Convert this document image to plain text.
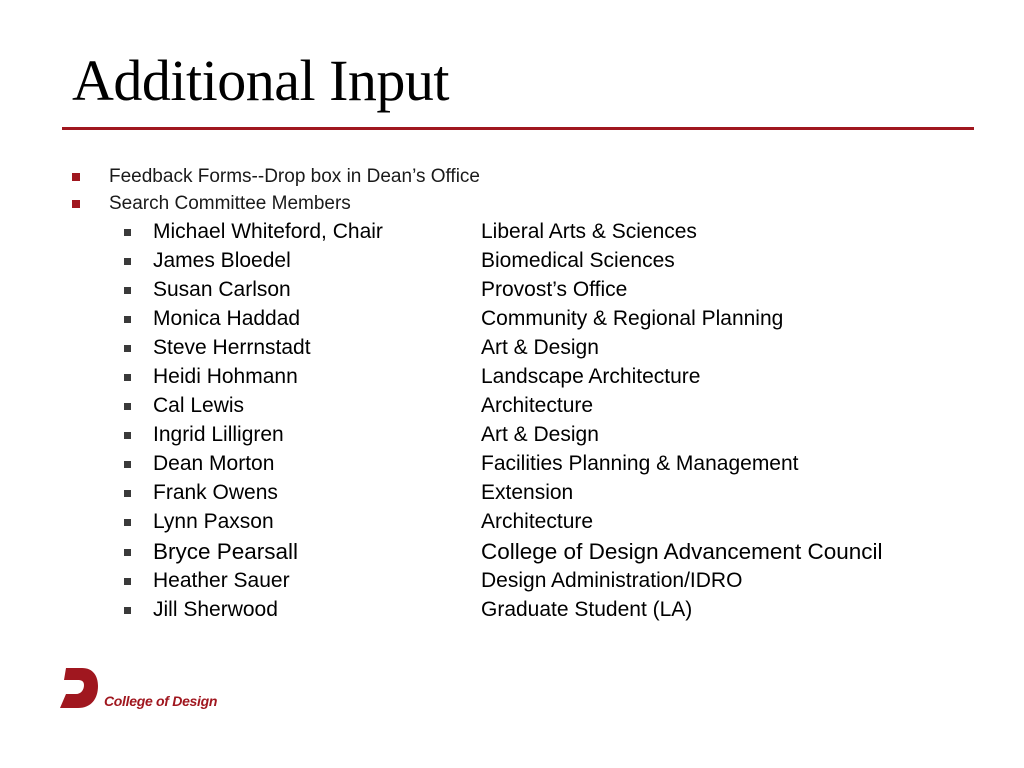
Additional Input
Feedback Forms--Drop box in Dean’s Office
Search Committee Members
Michael Whiteford, Chair	Liberal Arts & Sciences
James Bloedel	Biomedical Sciences
Susan Carlson	Provost’s Office
Monica Haddad	Community & Regional Planning
Steve Herrnstadt	Art & Design
Heidi Hohmann	Landscape Architecture
Cal Lewis	Architecture
Ingrid Lilligren	Art & Design
Dean Morton	Facilities Planning & Management
Frank Owens	Extension
Lynn Paxson	Architecture
Bryce Pearsall	College of Design Advancement Council
Heather Sauer	Design Administration/IDRO
Jill Sherwood	Graduate Student (LA)
College of Design
